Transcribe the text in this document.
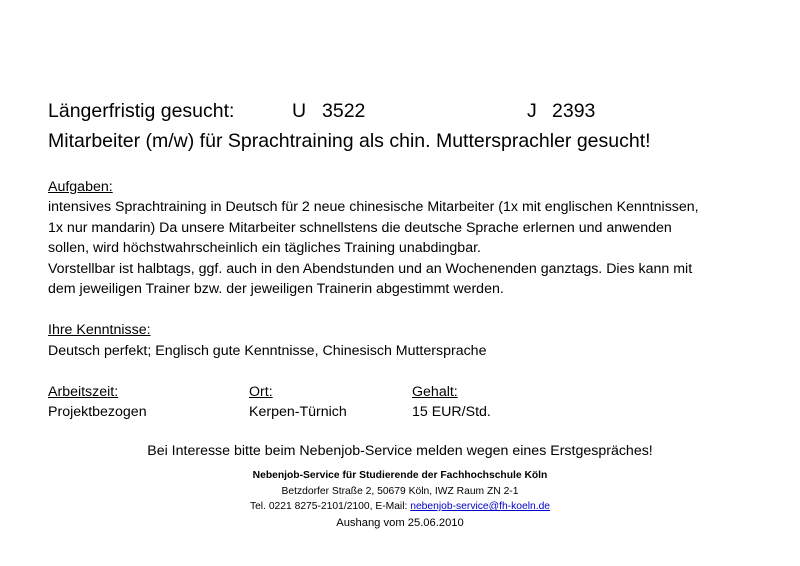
Längerfristig gesucht:	U 3522	J 2393
Mitarbeiter (m/w) für Sprachtraining als chin. Muttersprachler gesucht!
Aufgaben:
intensives Sprachtraining in Deutsch für 2 neue chinesische Mitarbeiter (1x mit englischen Kenntnissen,
1x nur mandarin) Da unsere Mitarbeiter schnellstens die deutsche Sprache erlernen und anwenden
sollen, wird höchstwahrscheinlich ein tägliches Training unabdingbar.
Vorstellbar ist halbtags, ggf. auch in den Abendstunden und an Wochenenden ganztags. Dies kann mit
dem jeweiligen Trainer bzw. der jeweiligen Trainerin abgestimmt werden.
Ihre Kenntnisse:
Deutsch perfekt; Englisch gute Kenntnisse, Chinesisch Muttersprache
Arbeitszeit:	Ort:	Gehalt:
Projektbezogen	Kerpen-Türnich	15 EUR/Std.
Bei Interesse bitte beim Nebenjob-Service melden wegen eines Erstgespräches!
Nebenjob-Service für Studierende der Fachhochschule Köln
Betzdorfer Straße 2, 50679 Köln, IWZ Raum ZN 2-1
Tel. 0221 8275-2101/2100, E-Mail: nebenjob-service@fh-koeln.de
Aushang vom 25.06.2010
